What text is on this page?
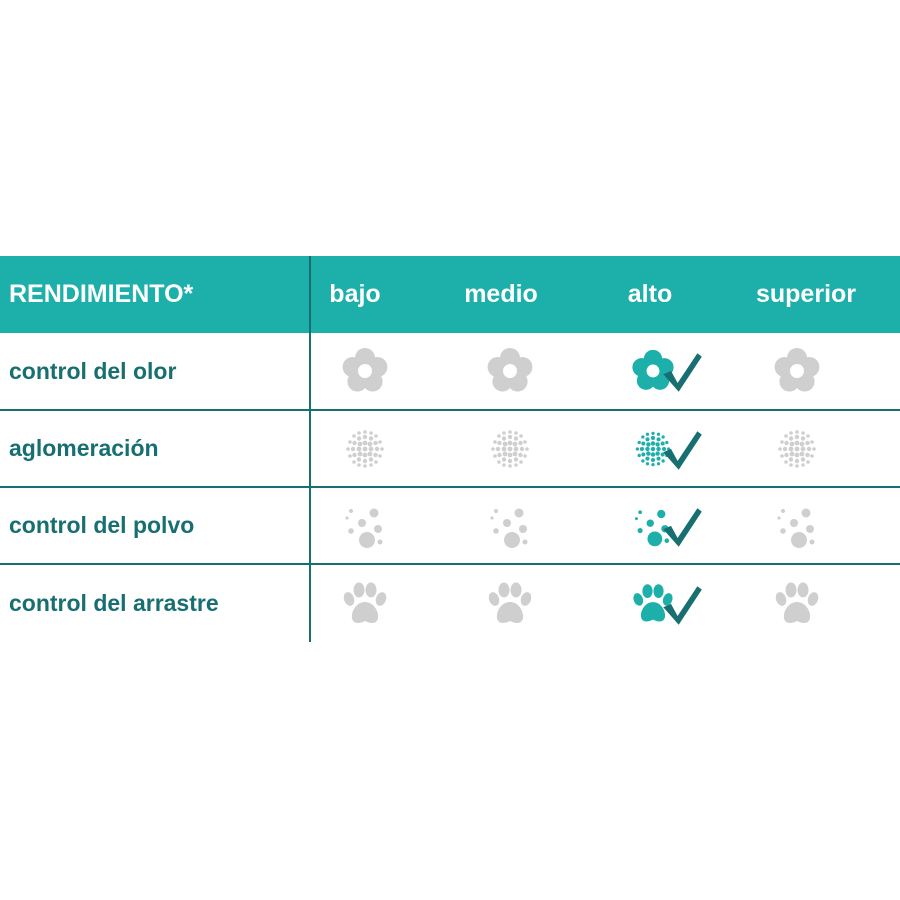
RENDIMIENTO*	bajo	medio	alto	superior
control del olor
aglomeración
control del polvo
control del arrastre
